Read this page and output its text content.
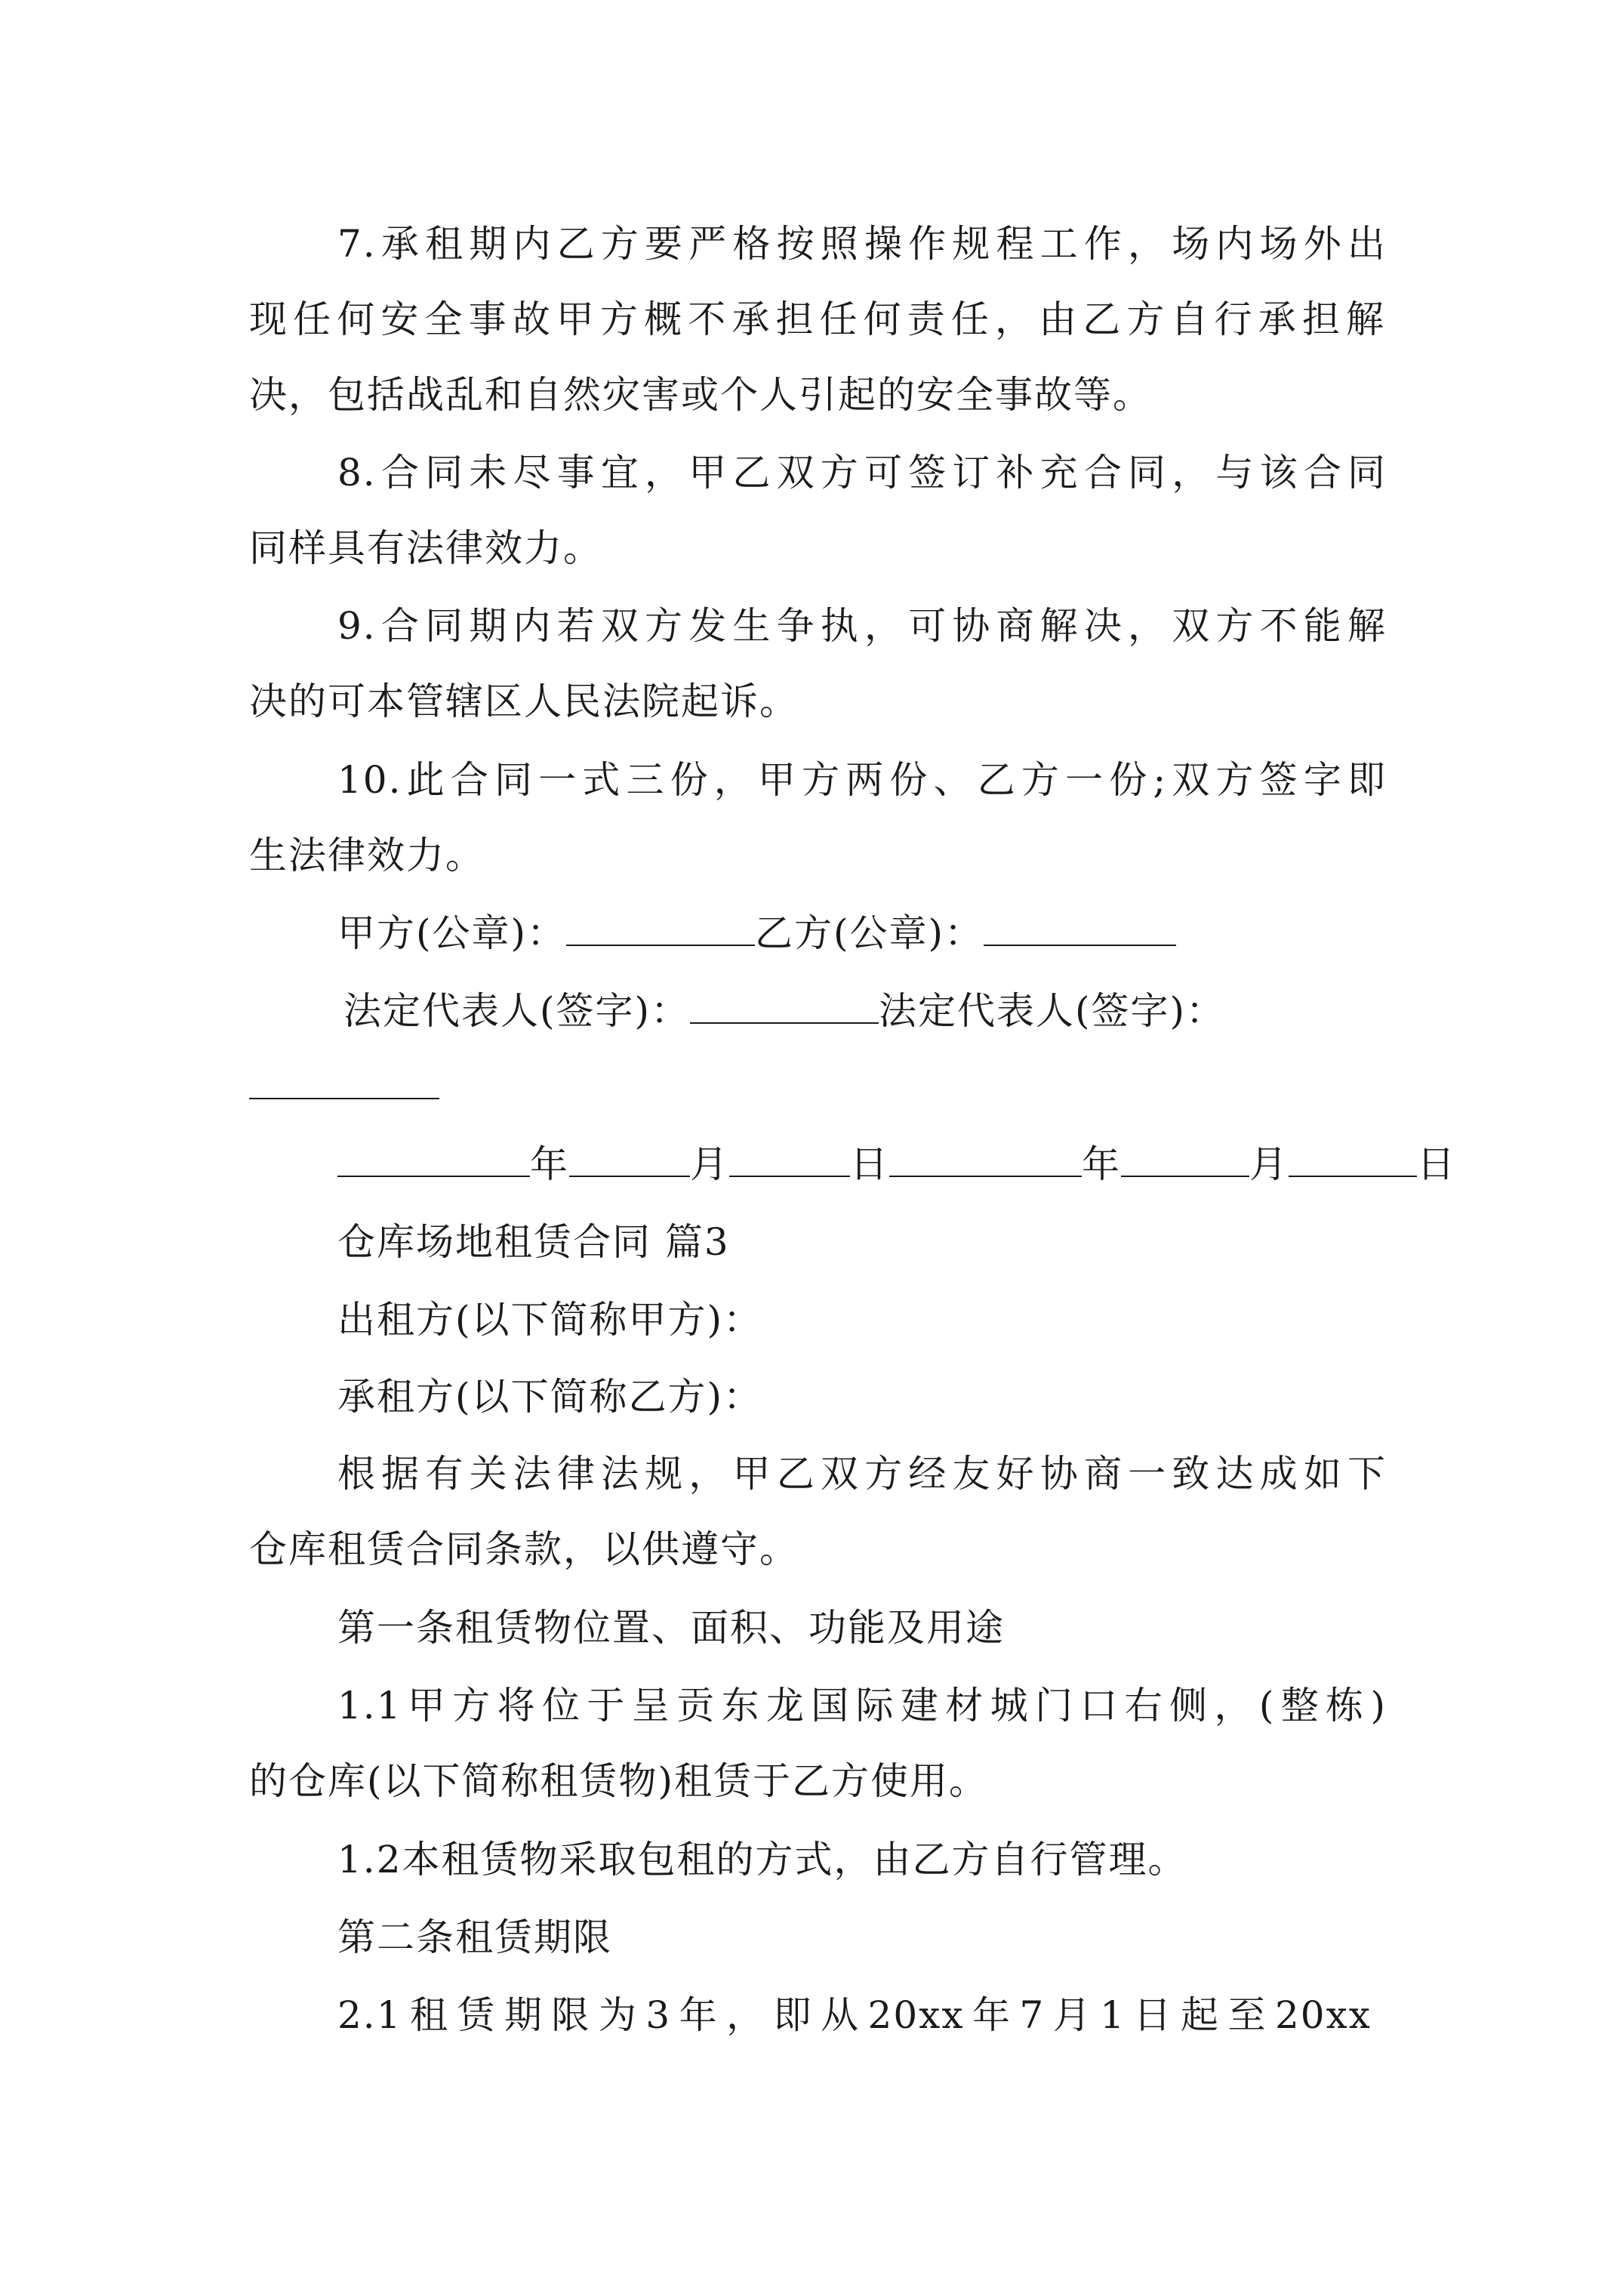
7.承租期内乙方要严格按照操作规程工作，场内场外出
现任何安全事故甲方概不承担任何责任，由乙方自行承担解
决，包括战乱和自然灾害或个人引起的安全事故等。
8.合同未尽事宜，甲乙双方可签订补充合同，与该合同
同样具有法律效力。
9.合同期内若双方发生争执，可协商解决，双方不能解
决的可本管辖区人民法院起诉。
10.此合同一式三份，甲方两份、乙方一份;双方签字即
生法律效力。
甲方(公章)：	乙方(公章)：
法定代表人(签字)：	法定代表人(签字)：
年	月	日	年	月	日
仓库场地租赁合同 篇3
出租方(以下简称甲方)：
承租方(以下简称乙方)：
根据有关法律法规，甲乙双方经友好协商一致达成如下
仓库租赁合同条款，以供遵守。
第一条租赁物位置、面积、功能及用途
1.1甲方将位于呈贡东龙国际建材城门口右侧，(整栋)
的仓库(以下简称租赁物)租赁于乙方使用。
1.2本租赁物采取包租的方式，由乙方自行管理。
第二条租赁期限
2.1租赁期限为3年，即从20xx年7月1日起至20xx
